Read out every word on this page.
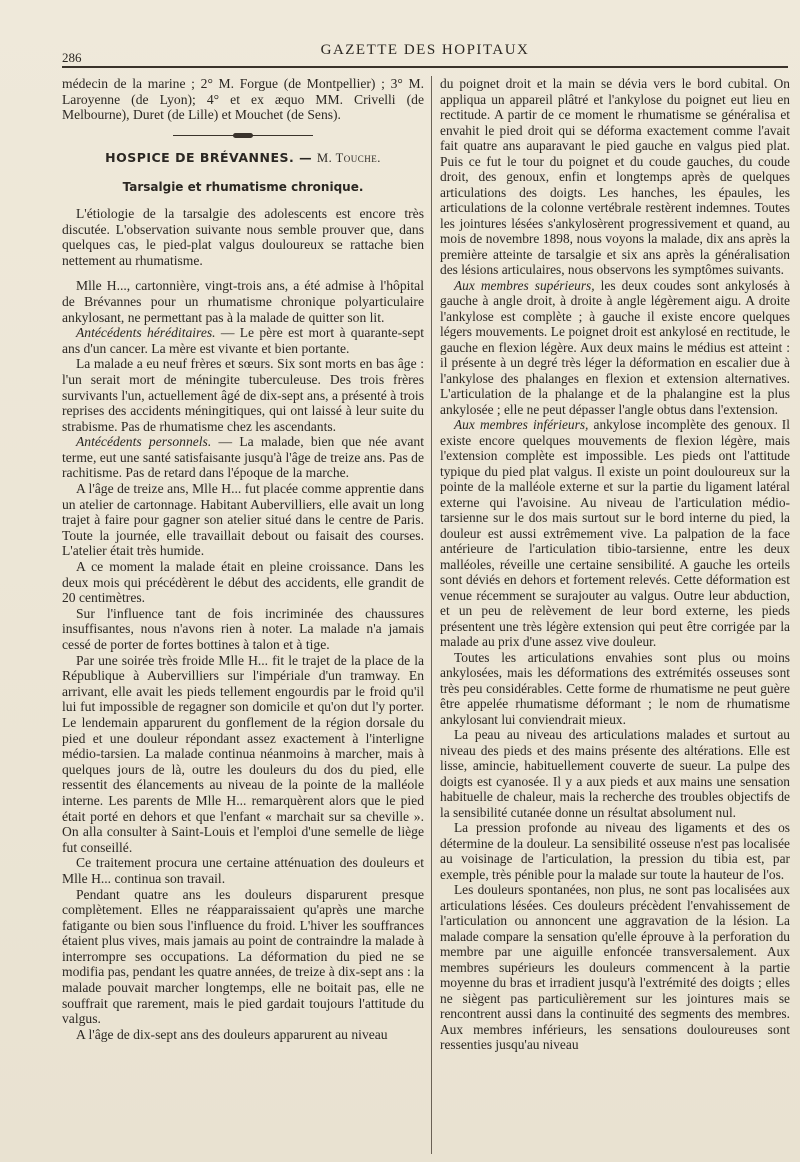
286	GAZETTE DES HOPITAUX

médecin de la marine ; 2° M. Forgue (de Montpellier) ; 3° M. Laroyenne (de Lyon); 4° et ex æquo MM. Crivelli (de Melbourne), Duret (de Lille) et Mouchet (de Sens).

HOSPICE DE BRÉVANNES. — M. Touche.
Tarsalgie et rhumatisme chronique.

L'étiologie de la tarsalgie des adolescents est encore très discutée. L'observation suivante nous semble prouver que, dans quelques cas, le pied-plat valgus douloureux se rattache bien nettement au rhumatisme.

Mlle H..., cartonnière, vingt-trois ans, a été admise à l'hôpital de Brévannes pour un rhumatisme chronique polyarticulaire ankylosant, ne permettant pas à la malade de quitter son lit.

Antécédents héréditaires. — Le père est mort à quarante-sept ans d'un cancer. La mère est vivante et bien portante.

La malade a eu neuf frères et sœurs. Six sont morts en bas âge : l'un serait mort de méningite tuberculeuse. Des trois frères survivants l'un, actuellement âgé de dix-sept ans, a présenté à trois reprises des accidents méningitiques, qui ont laissé à leur suite du strabisme. Pas de rhumatisme chez les ascendants.

Antécédents personnels. — La malade, bien que née avant terme, eut une santé satisfaisante jusqu'à l'âge de treize ans. Pas de rachitisme. Pas de retard dans l'époque de la marche.

A l'âge de treize ans, Mlle H... fut placée comme apprentie dans un atelier de cartonnage. Habitant Aubervilliers, elle avait un long trajet à faire pour gagner son atelier situé dans le centre de Paris. Toute la journée, elle travaillait debout ou faisait des courses. L'atelier était très humide.

A ce moment la malade était en pleine croissance. Dans les deux mois qui précédèrent le début des accidents, elle grandit de 20 centimètres.

Sur l'influence tant de fois incriminée des chaussures insuffisantes, nous n'avons rien à noter. La malade n'a jamais cessé de porter de fortes bottines à talon et à tige.

Par une soirée très froide Mlle H... fit le trajet de la place de la République à Aubervilliers sur l'impériale d'un tramway. En arrivant, elle avait les pieds tellement engourdis par le froid qu'il lui fut impossible de regagner son domicile et qu'on dut l'y porter. Le lendemain apparurent du gonflement de la région dorsale du pied et une douleur répondant assez exactement à l'interligne médio-tarsien. La malade continua néanmoins à marcher, mais à quelques jours de là, outre les douleurs du dos du pied, elle ressentit des élancements au niveau de la pointe de la malléole interne. Les parents de Mlle H... remarquèrent alors que le pied était porté en dehors et que l'enfant « marchait sur sa cheville ». On alla consulter à Saint-Louis et l'emploi d'une semelle de liège fut conseillé.

Ce traitement procura une certaine atténuation des douleurs et Mlle H... continua son travail.

Pendant quatre ans les douleurs disparurent presque complètement. Elles ne réapparaissaient qu'après une marche fatigante ou bien sous l'influence du froid. L'hiver les souffrances étaient plus vives, mais jamais au point de contraindre la malade à interrompre ses occupations. La déformation du pied ne se modifia pas, pendant les quatre années, de treize à dix-sept ans : la malade pouvait marcher longtemps, elle ne boitait pas, elle ne souffrait que rarement, mais le pied gardait toujours l'attitude du valgus.

A l'âge de dix-sept ans des douleurs apparurent au niveau

du poignet droit et la main se dévia vers le bord cubital. On appliqua un appareil plâtré et l'ankylose du poignet eut lieu en rectitude. A partir de ce moment le rhumatisme se généralisa et envahit le pied droit qui se déforma exactement comme l'avait fait quatre ans auparavant le pied gauche en valgus pied plat. Puis ce fut le tour du poignet et du coude gauches, du coude droit, des genoux, enfin et longtemps après de quelques articulations des doigts. Les hanches, les épaules, les articulations de la colonne vertébrale restèrent indemnes. Toutes les jointures lésées s'ankylosèrent progressivement et quand, au mois de novembre 1898, nous voyons la malade, dix ans après la première atteinte de tarsalgie et six ans après la généralisation des lésions articulaires, nous observons les symptômes suivants.

Aux membres supérieurs, les deux coudes sont ankylosés à gauche à angle droit, à droite à angle légèrement aigu. A droite l'ankylose est complète ; à gauche il existe encore quelques légers mouvements. Le poignet droit est ankylosé en rectitude, le gauche en flexion légère. Aux deux mains le médius est atteint : il présente à un degré très léger la déformation en escalier due à l'ankylose des phalanges en flexion et extension alternatives. L'articulation de la phalange et de la phalangine est la plus ankylosée ; elle ne peut dépasser l'angle obtus dans l'extension.

Aux membres inférieurs, ankylose incomplète des genoux. Il existe encore quelques mouvements de flexion légère, mais l'extension complète est impossible. Les pieds ont l'attitude typique du pied plat valgus. Il existe un point douloureux sur la pointe de la malléole externe et sur la partie du ligament latéral externe qui l'avoisine. Au niveau de l'articulation médio-tarsienne sur le dos mais surtout sur le bord interne du pied, la douleur est aussi extrêmement vive. La palpation de la face antérieure de l'articulation tibio-tarsienne, entre les deux malléoles, réveille une certaine sensibilité. A gauche les orteils sont déviés en dehors et fortement relevés. Cette déformation est venue récemment se surajouter au valgus. Outre leur abduction, et un peu de relèvement de leur bord externe, les pieds présentent une très légère extension qui peut être corrigée par la malade au prix d'une assez vive douleur.

Toutes les articulations envahies sont plus ou moins ankylosées, mais les déformations des extrémités osseuses sont très peu considérables. Cette forme de rhumatisme ne peut guère être appelée rhumatisme déformant ; le nom de rhumatisme ankylosant lui conviendrait mieux.

La peau au niveau des articulations malades et surtout au niveau des pieds et des mains présente des altérations. Elle est lisse, amincie, habituellement couverte de sueur. La pulpe des doigts est cyanosée. Il y a aux pieds et aux mains une sensation habituelle de chaleur, mais la recherche des troubles objectifs de la sensibilité cutanée donne un résultat absolument nul.

La pression profonde au niveau des ligaments et des os détermine de la douleur. La sensibilité osseuse n'est pas localisée au voisinage de l'articulation, la pression du tibia est, par exemple, très pénible pour la malade sur toute la hauteur de l'os.

Les douleurs spontanées, non plus, ne sont pas localisées aux articulations lésées. Ces douleurs précèdent l'envahissement de l'articulation ou annoncent une aggravation de la lésion. La malade compare la sensation qu'elle éprouve à la perforation du membre par une aiguille enfoncée transversalement. Aux membres supérieurs les douleurs commencent à la partie moyenne du bras et irradient jusqu'à l'extrémité des doigts ; elles ne siègent pas particulièrement sur les jointures mais se rencontrent aussi dans la continuité des segments des membres. Aux membres inférieurs, les sensations douloureuses sont ressenties jusqu'au niveau
